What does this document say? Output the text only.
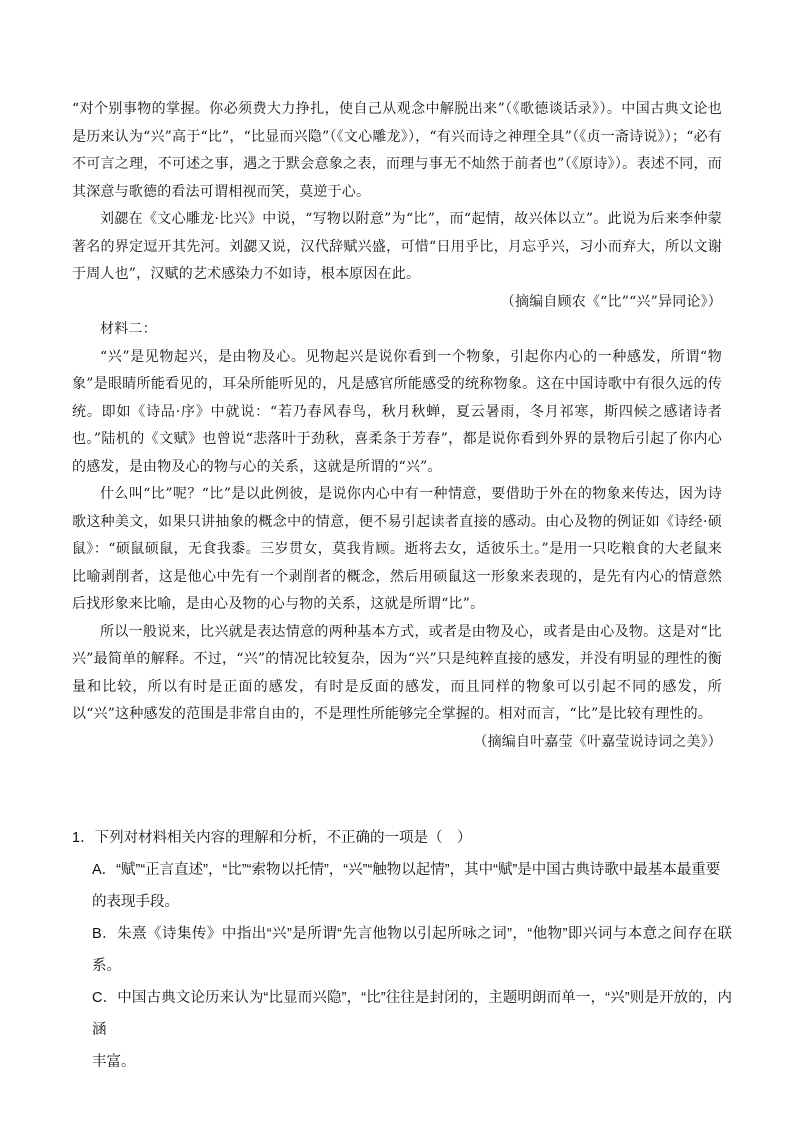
“对个别事物的掌握。你必须费大力挣扎，使自己从观念中解脱出来”（《歌德谈话录》）。中国古典文论也是历来认为“兴”高于“比”，“比显而兴隐”（《文心雕龙》），“有兴而诗之神理全具”（《贞一斋诗说》）；“必有不可言之理，不可述之事，遇之于默会意象之表，而理与事无不灿然于前者也”（《原诗》）。表述不同，而其深意与歌德的看法可谓相视而笑，莫逆于心。

刘勰在《文心雕龙·比兴》中说，“写物以附意”为“比”，而“起情，故兴体以立”。此说为后来李仲蒙著名的界定逗开其先河。刘勰又说，汉代辞赋兴盛，可惜“日用乎比，月忘乎兴，习小而弃大，所以文谢于周人也”，汉赋的艺术感染力不如诗，根本原因在此。

（摘编自顾农《“比”“兴”异同论》）

材料二：

“兴”是见物起兴，是由物及心。见物起兴是说你看到一个物象，引起你内心的一种感发，所谓“物象”是眼睛所能看见的，耳朵所能听见的，凡是感官所能感受的统称物象。这在中国诗歌中有很久远的传统。即如《诗品·序》中就说：“若乃春风春鸟，秋月秋蝉，夏云暑雨，冬月祁寒，斯四候之感诸诗者也。”陆机的《文赋》也曾说“悲落叶于劲秋，喜柔条于芳春”，都是说你看到外界的景物后引起了你内心的感发，是由物及心的物与心的关系，这就是所谓的“兴”。

什么叫“比”呢？“比”是以此例彼，是说你内心中有一种情意，要借助于外在的物象来传达，因为诗歌这种美文，如果只讲抽象的概念中的情意，便不易引起读者直接的感动。由心及物的例证如《诗经·硕鼠》：“硕鼠硕鼠，无食我黍。三岁贯女，莫我肯顾。逝将去女，适彼乐土。”是用一只吃粮食的大老鼠来比喻剥削者，这是他心中先有一个剥削者的概念，然后用硕鼠这一形象来表现的，是先有内心的情意然后找形象来比喻，是由心及物的心与物的关系，这就是所谓“比”。

所以一般说来，比兴就是表达情意的两种基本方式，或者是由物及心，或者是由心及物。这是对“比兴”最简单的解释。不过，“兴”的情况比较复杂，因为“兴”只是纯粹直接的感发，并没有明显的理性的衡量和比较，所以有时是正面的感发，有时是反面的感发，而且同样的物象可以引起不同的感发，所以“兴”这种感发的范围是非常自由的，不是理性所能够完全掌握的。相对而言，“比”是比较有理性的。

（摘编自叶嘉莹《叶嘉莹说诗词之美》）

1．下列对材料相关内容的理解和分析，不正确的一项是（　）

A．“赋”“正言直述”，“比”“索物以托情”，“兴”“触物以起情”，其中“赋”是中国古典诗歌中最基本最重要

的表现手段。

B．朱熹《诗集传》中指出“兴”是所谓“先言他物以引起所咏之词”，“他物”即兴词与本意之间存在联系。

C．中国古典文论历来认为“比显而兴隐”，“比”往往是封闭的，主题明朗而单一，“兴”则是开放的，内涵

丰富。
